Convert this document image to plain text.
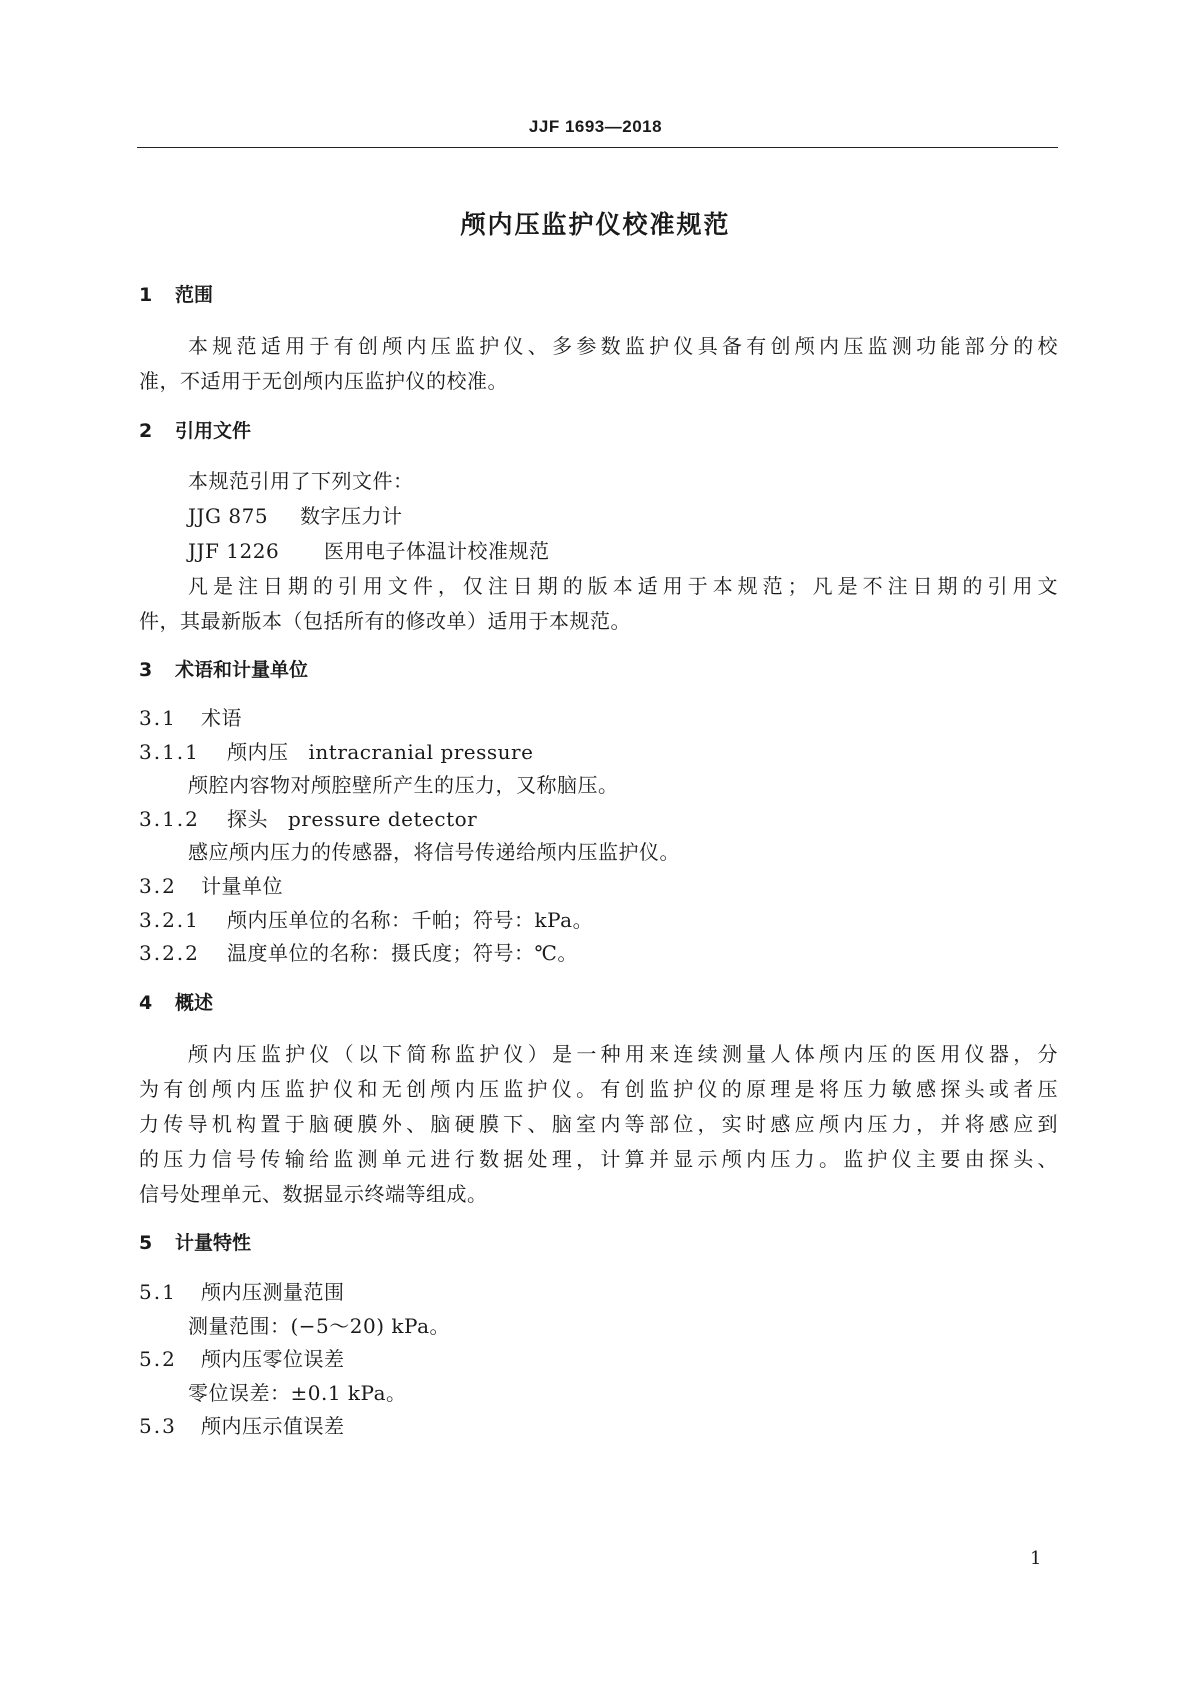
JJF 1693—2018
颅内压监护仪校准规范
1 范围
本规范适用于有创颅内压监护仪、多参数监护仪具备有创颅内压监测功能部分的校
准，不适用于无创颅内压监护仪的校准。
2 引用文件
本规范引用了下列文件：
JJG 875 数字压力计
JJF 1226 医用电子体温计校准规范
凡是注日期的引用文件，仅注日期的版本适用于本规范；凡是不注日期的引用文
件，其最新版本（包括所有的修改单）适用于本规范。
3 术语和计量单位
3.1 术语
3.1.1 颅内压 intracranial pressure
颅腔内容物对颅腔壁所产生的压力，又称脑压。
3.1.2 探头 pressure detector
感应颅内压力的传感器，将信号传递给颅内压监护仪。
3.2 计量单位
3.2.1 颅内压单位的名称：千帕；符号：kPa。
3.2.2 温度单位的名称：摄氏度；符号：℃。
4 概述
颅内压监护仪（以下简称监护仪）是一种用来连续测量人体颅内压的医用仪器，分
为有创颅内压监护仪和无创颅内压监护仪。有创监护仪的原理是将压力敏感探头或者压
力传导机构置于脑硬膜外、脑硬膜下、脑室内等部位，实时感应颅内压力，并将感应到
的压力信号传输给监测单元进行数据处理，计算并显示颅内压力。监护仪主要由探头、
信号处理单元、数据显示终端等组成。
5 计量特性
5.1 颅内压测量范围
测量范围：(−5～20) kPa。
5.2 颅内压零位误差
零位误差：±0.1 kPa。
5.3 颅内压示值误差
1
